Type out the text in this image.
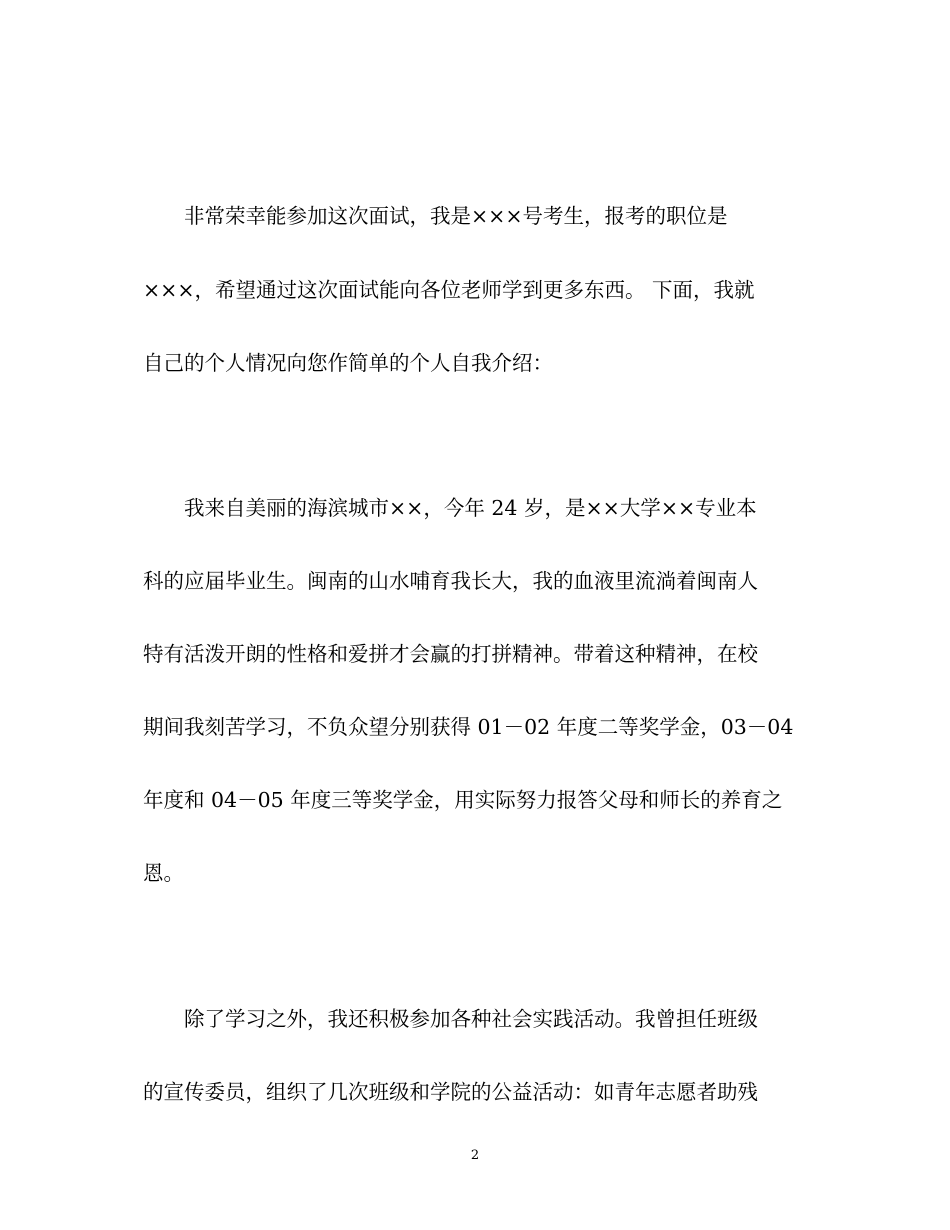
非常荣幸能参加这次面试，我是×××号考生，报考的职位是
×××，希望通过这次面试能向各位老师学到更多东西。 下面，我就
自己的个人情况向您作简单的个人自我介绍：
我来自美丽的海滨城市××，今年 24 岁，是××大学××专业本
科的应届毕业生。闽南的山水哺育我长大，我的血液里流淌着闽南人
特有活泼开朗的性格和爱拼才会赢的打拼精神。带着这种精神，在校
期间我刻苦学习，不负众望分别获得 01－02 年度二等奖学金，03－04
年度和 04－05 年度三等奖学金，用实际努力报答父母和师长的养育之
恩。
除了学习之外，我还积极参加各种社会实践活动。我曾担任班级
的宣传委员，组织了几次班级和学院的公益活动：如青年志愿者助残
2
